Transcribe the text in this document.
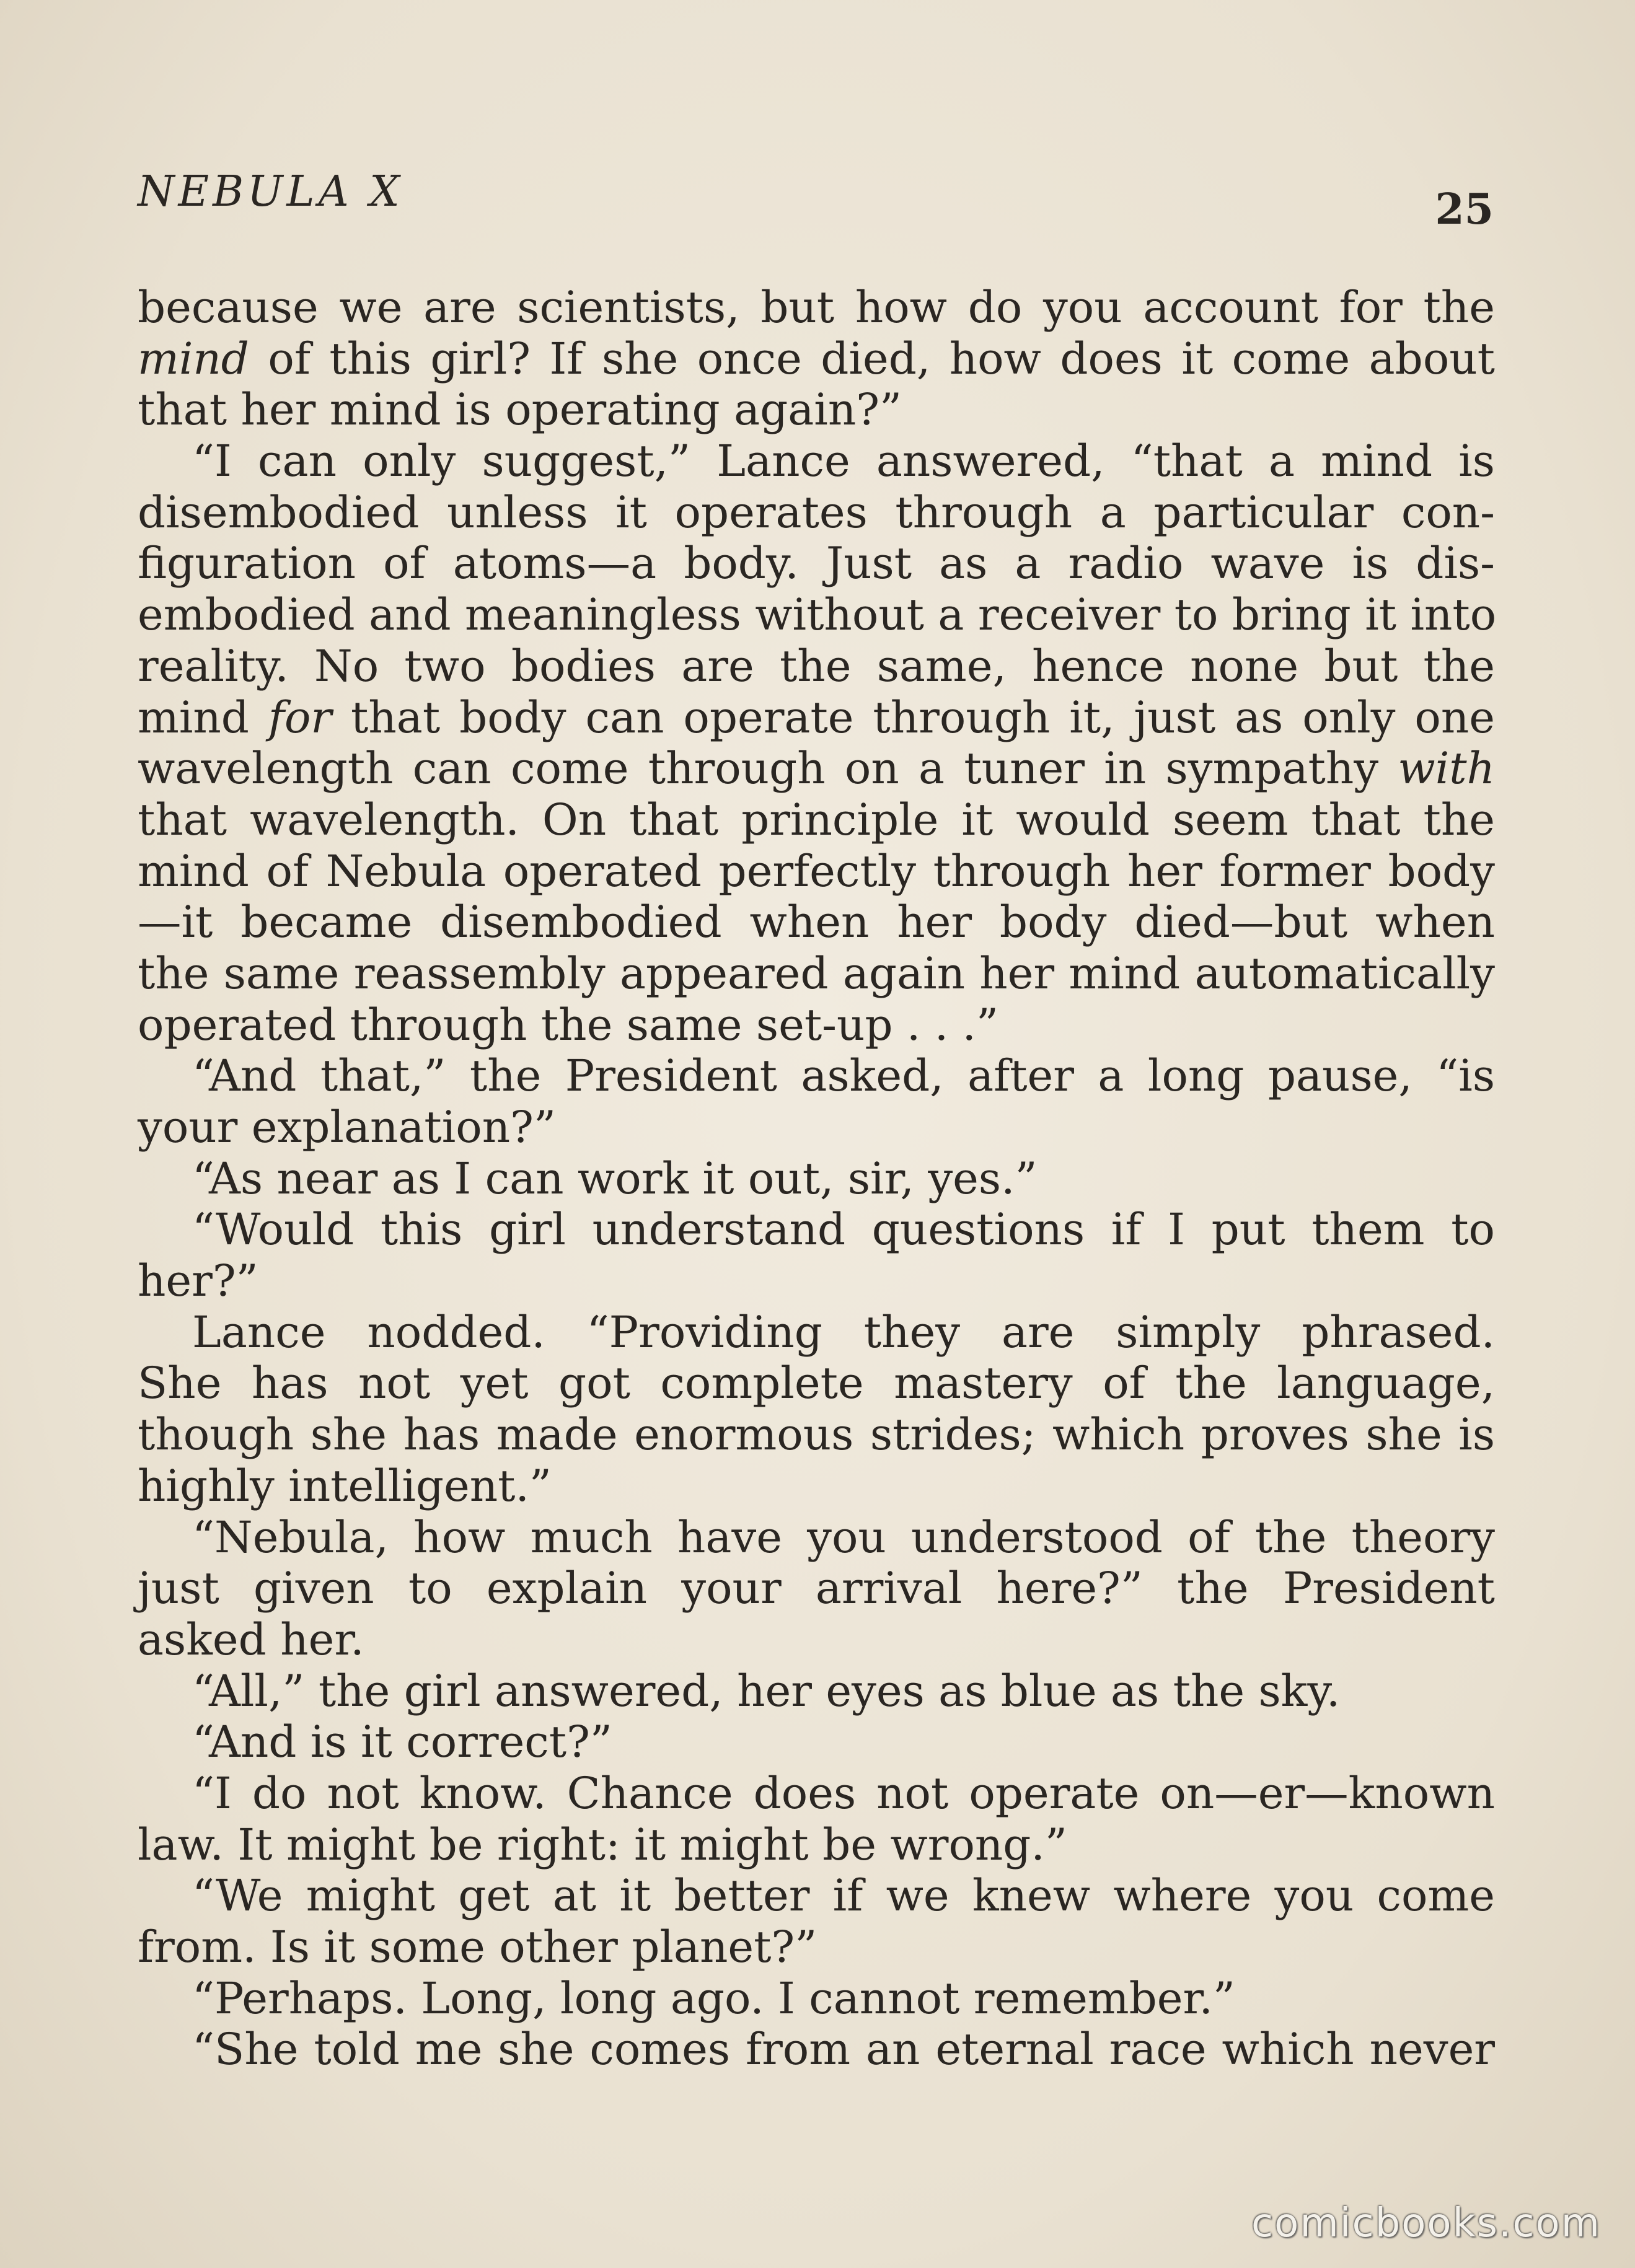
NEBULA X	25
because we are scientists, but how do you account for the
mind of this girl? If she once died, how does it come about
that her mind is operating again?”
“I can only suggest,” Lance answered, “that a mind is
disembodied unless it operates through a particular con-
figuration of atoms—a body. Just as a radio wave is dis-
embodied and meaningless without a receiver to bring it into
reality. No two bodies are the same, hence none but the
mind for that body can operate through it, just as only one
wavelength can come through on a tuner in sympathy with
that wavelength. On that principle it would seem that the
mind of Nebula operated perfectly through her former body
—it became disembodied when her body died—but when
the same reassembly appeared again her mind automatically
operated through the same set-up . . .”
“And that,” the President asked, after a long pause, “is
your explanation?”
“As near as I can work it out, sir, yes.”
“Would this girl understand questions if I put them to
her?”
Lance nodded. “Providing they are simply phrased.
She has not yet got complete mastery of the language,
though she has made enormous strides; which proves she is
highly intelligent.”
“Nebula, how much have you understood of the theory
just given to explain your arrival here?” the President
asked her.
“All,” the girl answered, her eyes as blue as the sky.
“And is it correct?”
“I do not know. Chance does not operate on—er—known
law. It might be right: it might be wrong.”
“We might get at it better if we knew where you come
from. Is it some other planet?”
“Perhaps. Long, long ago. I cannot remember.”
“She told me she comes from an eternal race which never
comicbooks.com
